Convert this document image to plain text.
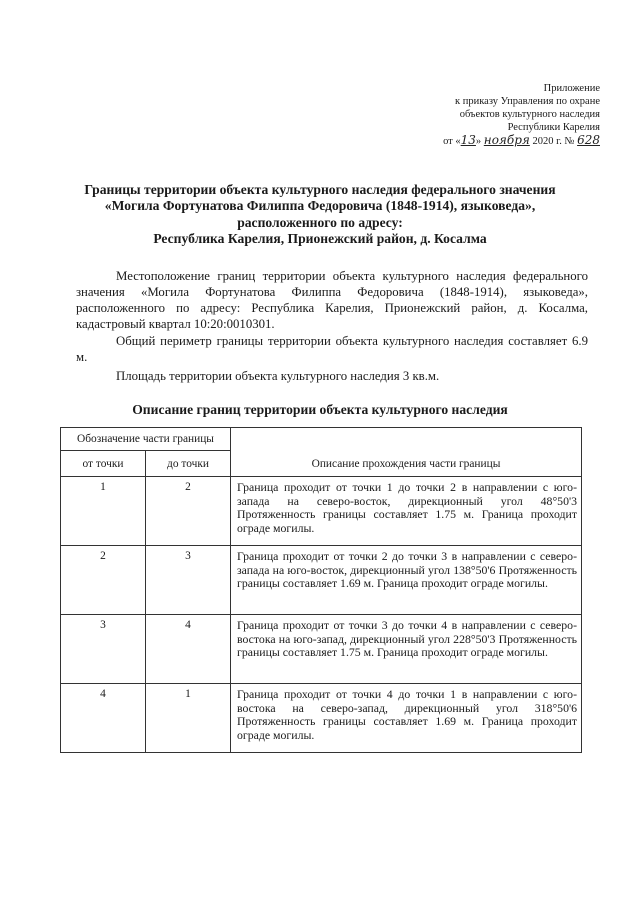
Приложение
к приказу Управления по охране
объектов культурного наследия
Республики Карелия
от «13» ноября 2020 г. № 628
Границы территории объекта культурного наследия федерального значения
«Могила Фортунатова Филиппа Федоровича (1848-1914), языковеда»,
расположенного по адресу:
Республика Карелия, Прионежский район, д. Косалма

Местоположение границ территории объекта культурного наследия федерального значения «Могила Фортунатова Филиппа Федоровича (1848-1914), языковеда», расположенного по адресу: Республика Карелия, Прионежский район, д. Косалма, кадастровый квартал 10:20:0010301.

Общий периметр границы территории объекта культурного наследия составляет 6.9 м.

Площадь территории объекта культурного наследия 3 кв.м.

Описание границ территории объекта культурного наследия
Обозначение части границы		Описание прохождения части границы
от точки	до точки	
1	2	Граница проходит от точки 1 до точки 2 в направлении с юго-запада на северо-восток, дирекционный угол 48°50'3 Протяженность границы составляет 1.75 м. Граница проходит ограде могилы.
2	3	Граница проходит от точки 2 до точки 3 в направлении с северо-запада на юго-восток, дирекционный угол 138°50'6 Протяженность границы составляет 1.69 м. Граница проходит ограде могилы.
3	4	Граница проходит от точки 3 до точки 4 в направлении с северо-востока на юго-запад, дирекционный угол 228°50'3 Протяженность границы составляет 1.75 м. Граница проходит ограде могилы.
4	1	Граница проходит от точки 4 до точки 1 в направлении с юго-востока на северо-запад, дирекционный угол 318°50'6 Протяженность границы составляет 1.69 м. Граница проходит ограде могилы.
